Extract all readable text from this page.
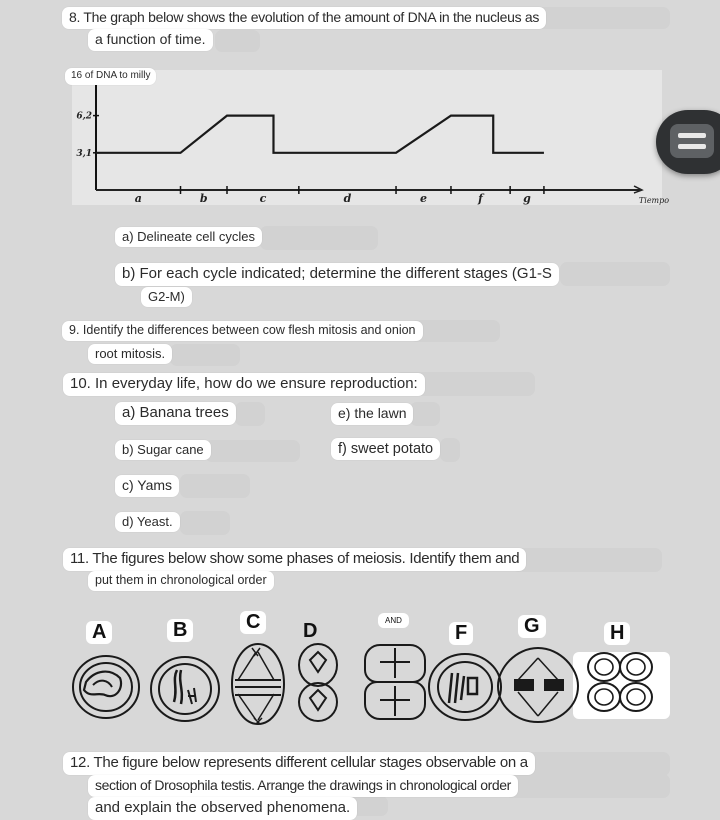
8. The graph below shows the evolution of the amount of DNA in the nucleus as
a function of time.
3,1
6,2
a	b	c	d	e	f	g	Tiempo
16 of DNA to milly
a) Delineate cell cycles
b) For each cycle indicated; determine the different stages (G1-S
G2-M)
9. Identify the differences between cow flesh mitosis and onion
root mitosis.
10. In everyday life, how do we ensure reproduction:
a) Banana trees
b) Sugar cane
c) Yams
d) Yeast.
e) the lawn
f) sweet potato
11. The figures below show some phases of meiosis. Identify them and
put them in chronological order
A	B	C	D	AND
F	G	H
12. The figure below represents different cellular stages observable on a
section of Drosophila testis. Arrange the drawings in chronological order
and explain the observed phenomena.
